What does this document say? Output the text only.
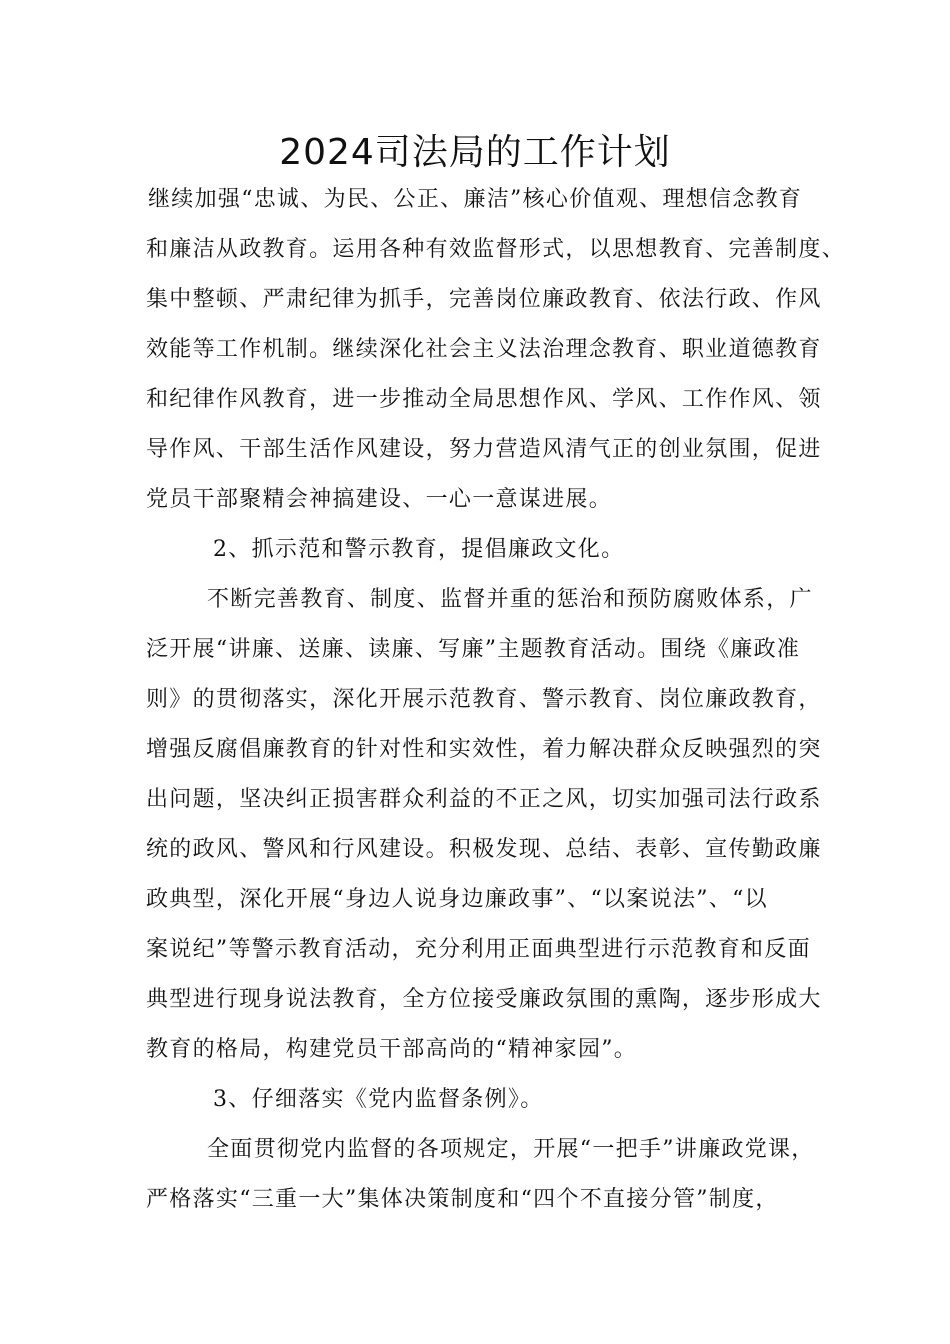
2024司法局的工作计划
继续加强“忠诚、为民、公正、廉洁”核心价值观、理想信念教育
和廉洁从政教育。运用各种有效监督形式，以思想教育、完善制度、
集中整顿、严肃纪律为抓手，完善岗位廉政教育、依法行政、作风
效能等工作机制。继续深化社会主义法治理念教育、职业道德教育
和纪律作风教育，进一步推动全局思想作风、学风、工作作风、领
导作风、干部生活作风建设，努力营造风清气正的创业氛围，促进
党员干部聚精会神搞建设、一心一意谋进展。
2、抓示范和警示教育，提倡廉政文化。
不断完善教育、制度、监督并重的惩治和预防腐败体系，广
泛开展“讲廉、送廉、读廉、写廉”主题教育活动。围绕《廉政准
则》的贯彻落实，深化开展示范教育、警示教育、岗位廉政教育，
增强反腐倡廉教育的针对性和实效性，着力解决群众反映强烈的突
出问题，坚决纠正损害群众利益的不正之风，切实加强司法行政系
统的政风、警风和行风建设。积极发现、总结、表彰、宣传勤政廉
政典型，深化开展“身边人说身边廉政事”、“以案说法”、“以
案说纪”等警示教育活动，充分利用正面典型进行示范教育和反面
典型进行现身说法教育，全方位接受廉政氛围的熏陶，逐步形成大
教育的格局，构建党员干部高尚的“精神家园”。
3、仔细落实《党内监督条例》。
全面贯彻党内监督的各项规定，开展“一把手”讲廉政党课，
严格落实“三重一大”集体决策制度和“四个不直接分管”制度，
